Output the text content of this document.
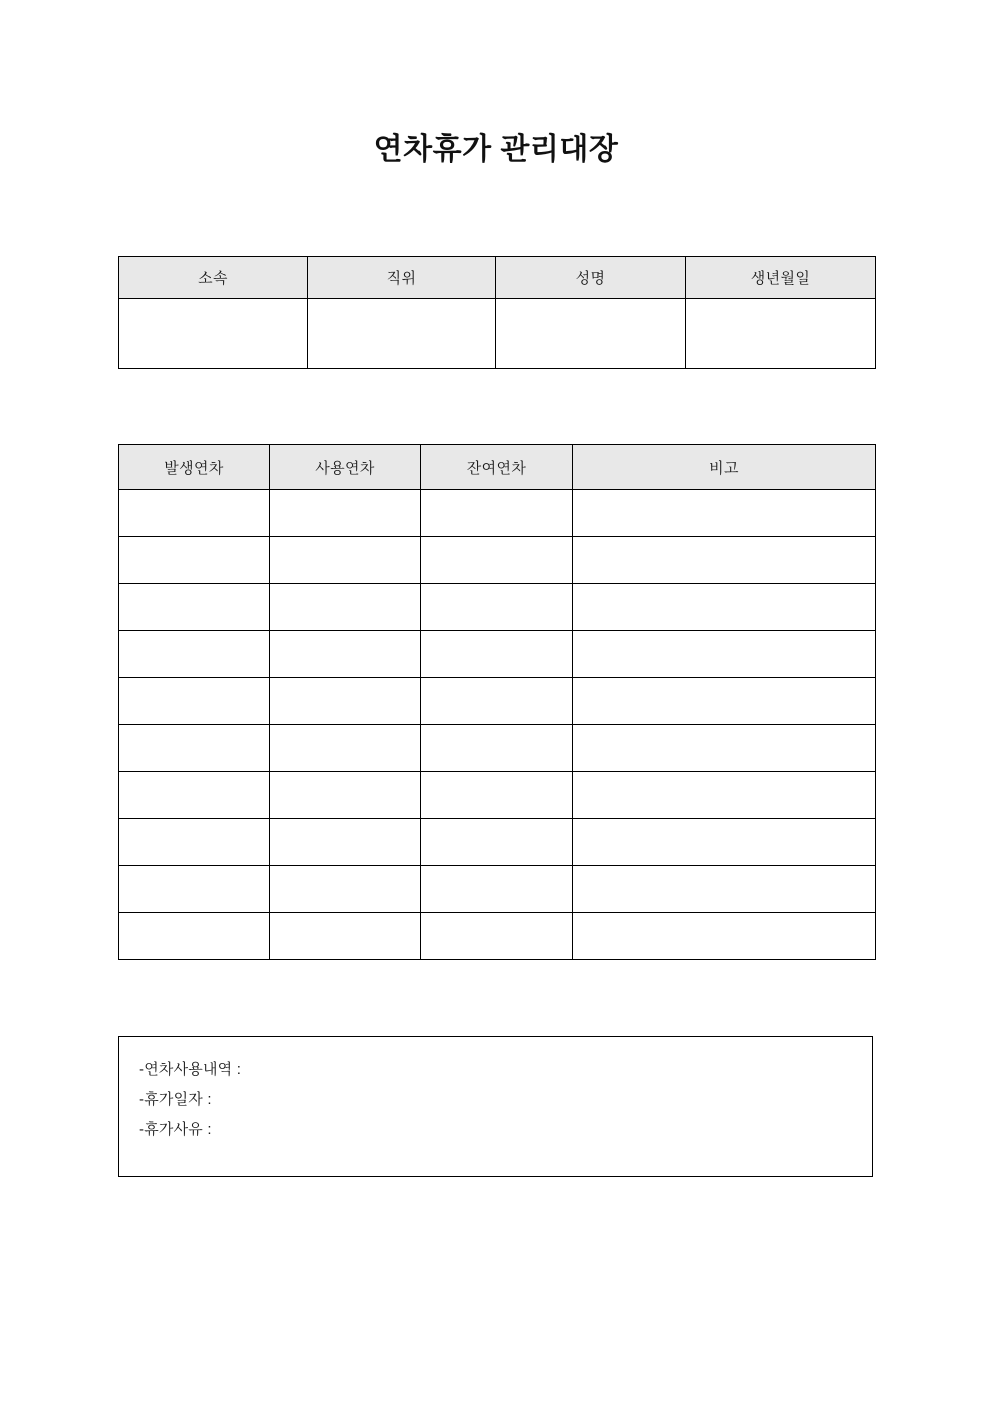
연차휴가 관리대장
소속	직위	성명	생년월일

발생연차	사용연차	잔여연차	비고

-연차사용내역 :
-휴가일자 :
-휴가사유 :
